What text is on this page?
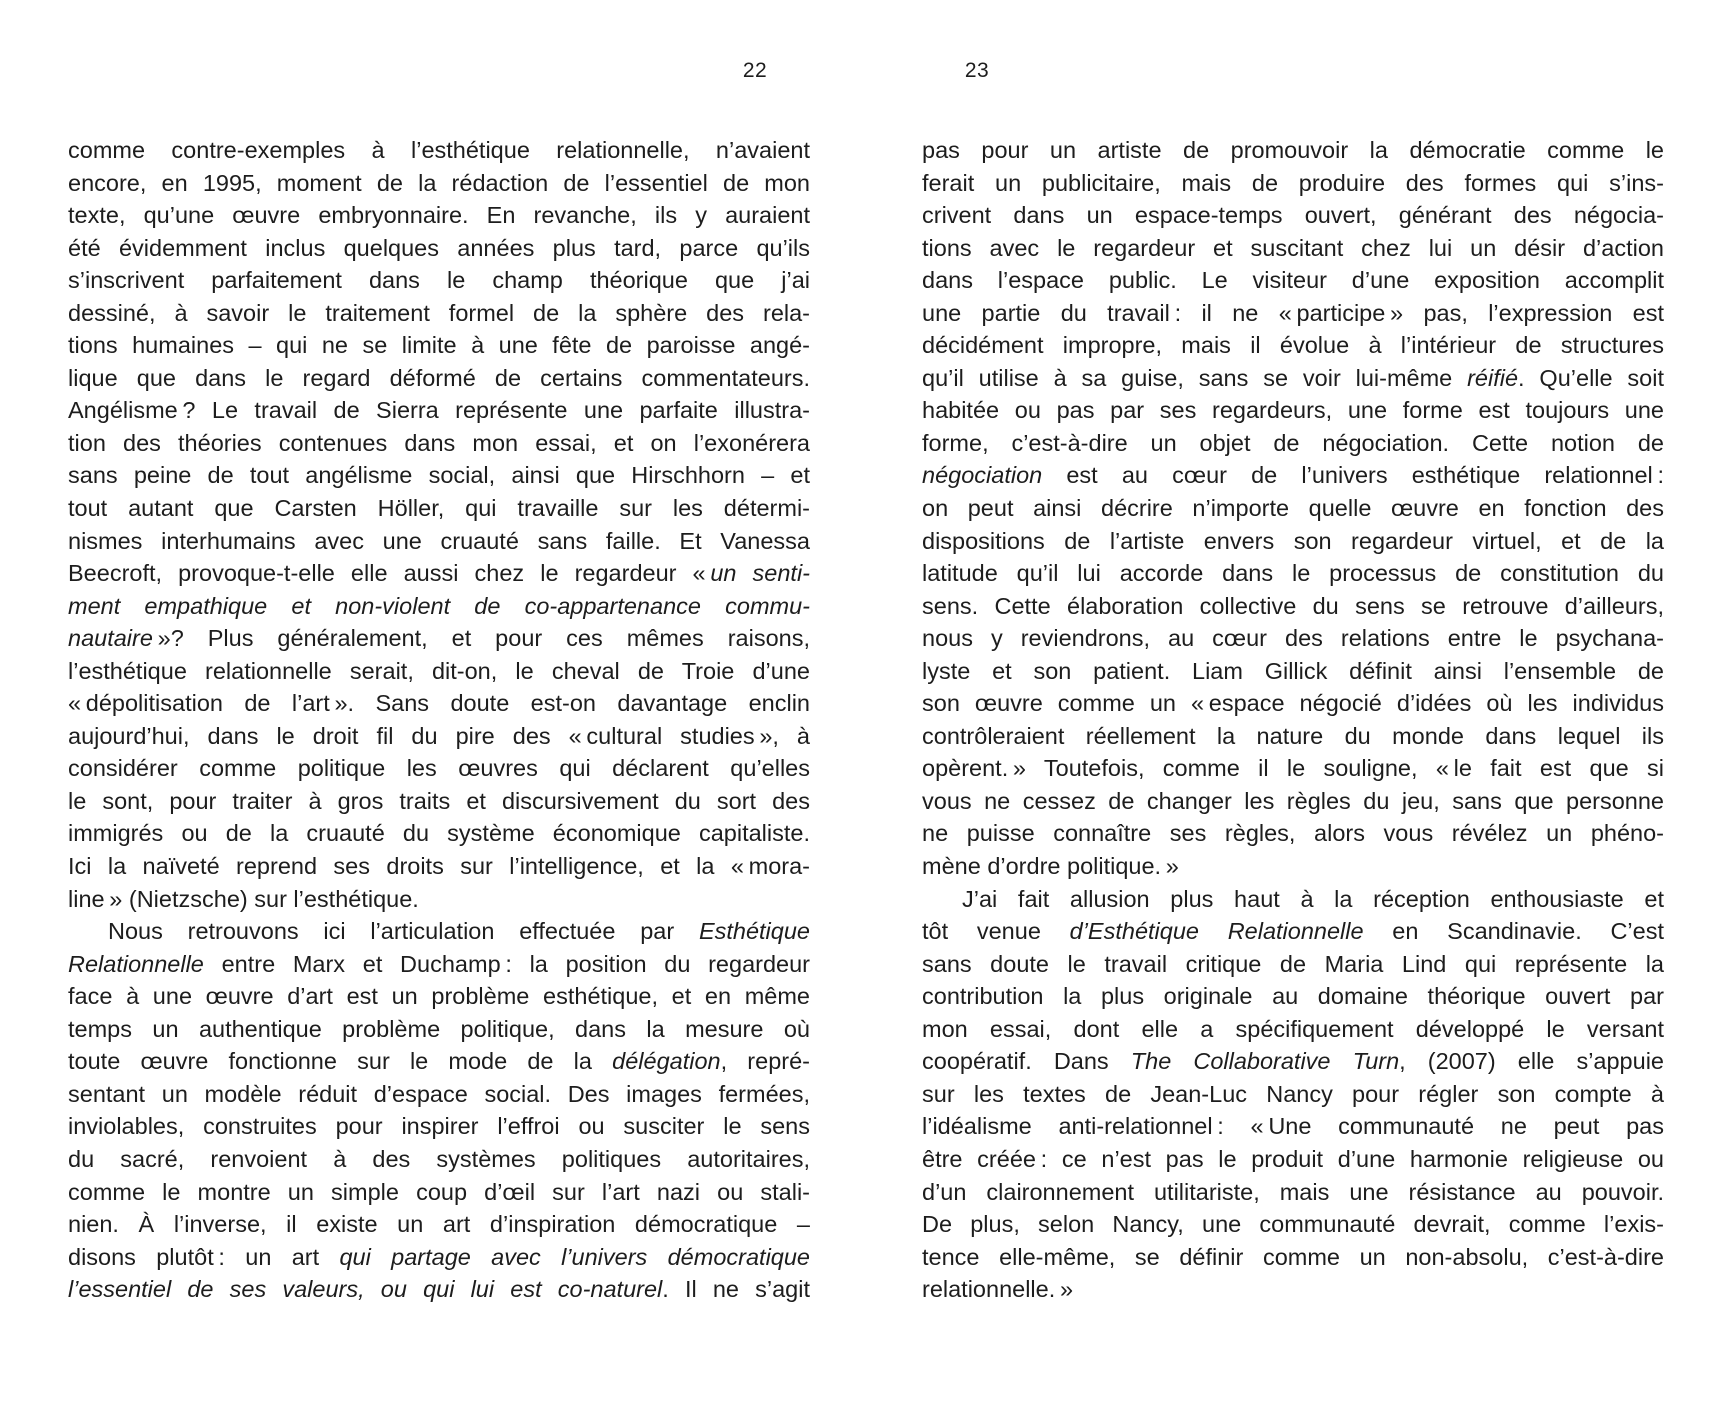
22	23
comme contre-exemples à l’esthétique relationnelle, n’avaient
encore, en 1995, moment de la rédaction de l’essentiel de mon
texte, qu’une œuvre embryonnaire. En revanche, ils y auraient
été évidemment inclus quelques années plus tard, parce qu’ils
s’inscrivent parfaitement dans le champ théorique que j’ai
dessiné, à savoir le traitement formel de la sphère des rela-
tions humaines – qui ne se limite à une fête de paroisse angé-
lique que dans le regard déformé de certains commentateurs.
Angélisme ? Le travail de Sierra représente une parfaite illustra-
tion des théories contenues dans mon essai, et on l’exonérera
sans peine de tout angélisme social, ainsi que Hirschhorn – et
tout autant que Carsten Höller, qui travaille sur les détermi-
nismes interhumains avec une cruauté sans faille. Et Vanessa
Beecroft, provoque-t-elle elle aussi chez le regardeur « un senti-
ment empathique et non-violent de co-appartenance commu-
nautaire »? Plus généralement, et pour ces mêmes raisons,
l’esthétique relationnelle serait, dit-on, le cheval de Troie d’une
« dépolitisation de l’art ». Sans doute est-on davantage enclin
aujourd’hui, dans le droit fil du pire des « cultural studies », à
considérer comme politique les œuvres qui déclarent qu’elles
le sont, pour traiter à gros traits et discursivement du sort des
immigrés ou de la cruauté du système économique capitaliste.
Ici la naïveté reprend ses droits sur l’intelligence, et la « mora-
line » (Nietzsche) sur l’esthétique.
Nous retrouvons ici l’articulation effectuée par Esthétique
Relationnelle entre Marx et Duchamp : la position du regardeur
face à une œuvre d’art est un problème esthétique, et en même
temps un authentique problème politique, dans la mesure où
toute œuvre fonctionne sur le mode de la délégation, repré-
sentant un modèle réduit d’espace social. Des images fermées,
inviolables, construites pour inspirer l’effroi ou susciter le sens
du sacré, renvoient à des systèmes politiques autoritaires,
comme le montre un simple coup d’œil sur l’art nazi ou stali-
nien. À l’inverse, il existe un art d’inspiration démocratique –
disons plutôt : un art qui partage avec l’univers démocratique
l’essentiel de ses valeurs, ou qui lui est co-naturel. Il ne s’agit
pas pour un artiste de promouvoir la démocratie comme le
ferait un publicitaire, mais de produire des formes qui s’ins-
crivent dans un espace-temps ouvert, générant des négocia-
tions avec le regardeur et suscitant chez lui un désir d’action
dans l’espace public. Le visiteur d’une exposition accomplit
une partie du travail : il ne « participe » pas, l’expression est
décidément impropre, mais il évolue à l’intérieur de structures
qu’il utilise à sa guise, sans se voir lui-même réifié. Qu’elle soit
habitée ou pas par ses regardeurs, une forme est toujours une
forme, c’est-à-dire un objet de négociation. Cette notion de
négociation est au cœur de l’univers esthétique relationnel :
on peut ainsi décrire n’importe quelle œuvre en fonction des
dispositions de l’artiste envers son regardeur virtuel, et de la
latitude qu’il lui accorde dans le processus de constitution du
sens. Cette élaboration collective du sens se retrouve d’ailleurs,
nous y reviendrons, au cœur des relations entre le psychana-
lyste et son patient. Liam Gillick définit ainsi l’ensemble de
son œuvre comme un « espace négocié d’idées où les individus
contrôleraient réellement la nature du monde dans lequel ils
opèrent. » Toutefois, comme il le souligne, « le fait est que si
vous ne cessez de changer les règles du jeu, sans que personne
ne puisse connaître ses règles, alors vous révélez un phéno-
mène d’ordre politique. »
J’ai fait allusion plus haut à la réception enthousiaste et
tôt venue d’Esthétique Relationnelle en Scandinavie. C’est
sans doute le travail critique de Maria Lind qui représente la
contribution la plus originale au domaine théorique ouvert par
mon essai, dont elle a spécifiquement développé le versant
coopératif. Dans The Collaborative Turn, (2007) elle s’appuie
sur les textes de Jean-Luc Nancy pour régler son compte à
l’idéalisme anti-relationnel : « Une communauté ne peut pas
être créée : ce n’est pas le produit d’une harmonie religieuse ou
d’un claironnement utilitariste, mais une résistance au pouvoir.
De plus, selon Nancy, une communauté devrait, comme l’exis-
tence elle-même, se définir comme un non-absolu, c’est-à-dire
relationnelle. »
